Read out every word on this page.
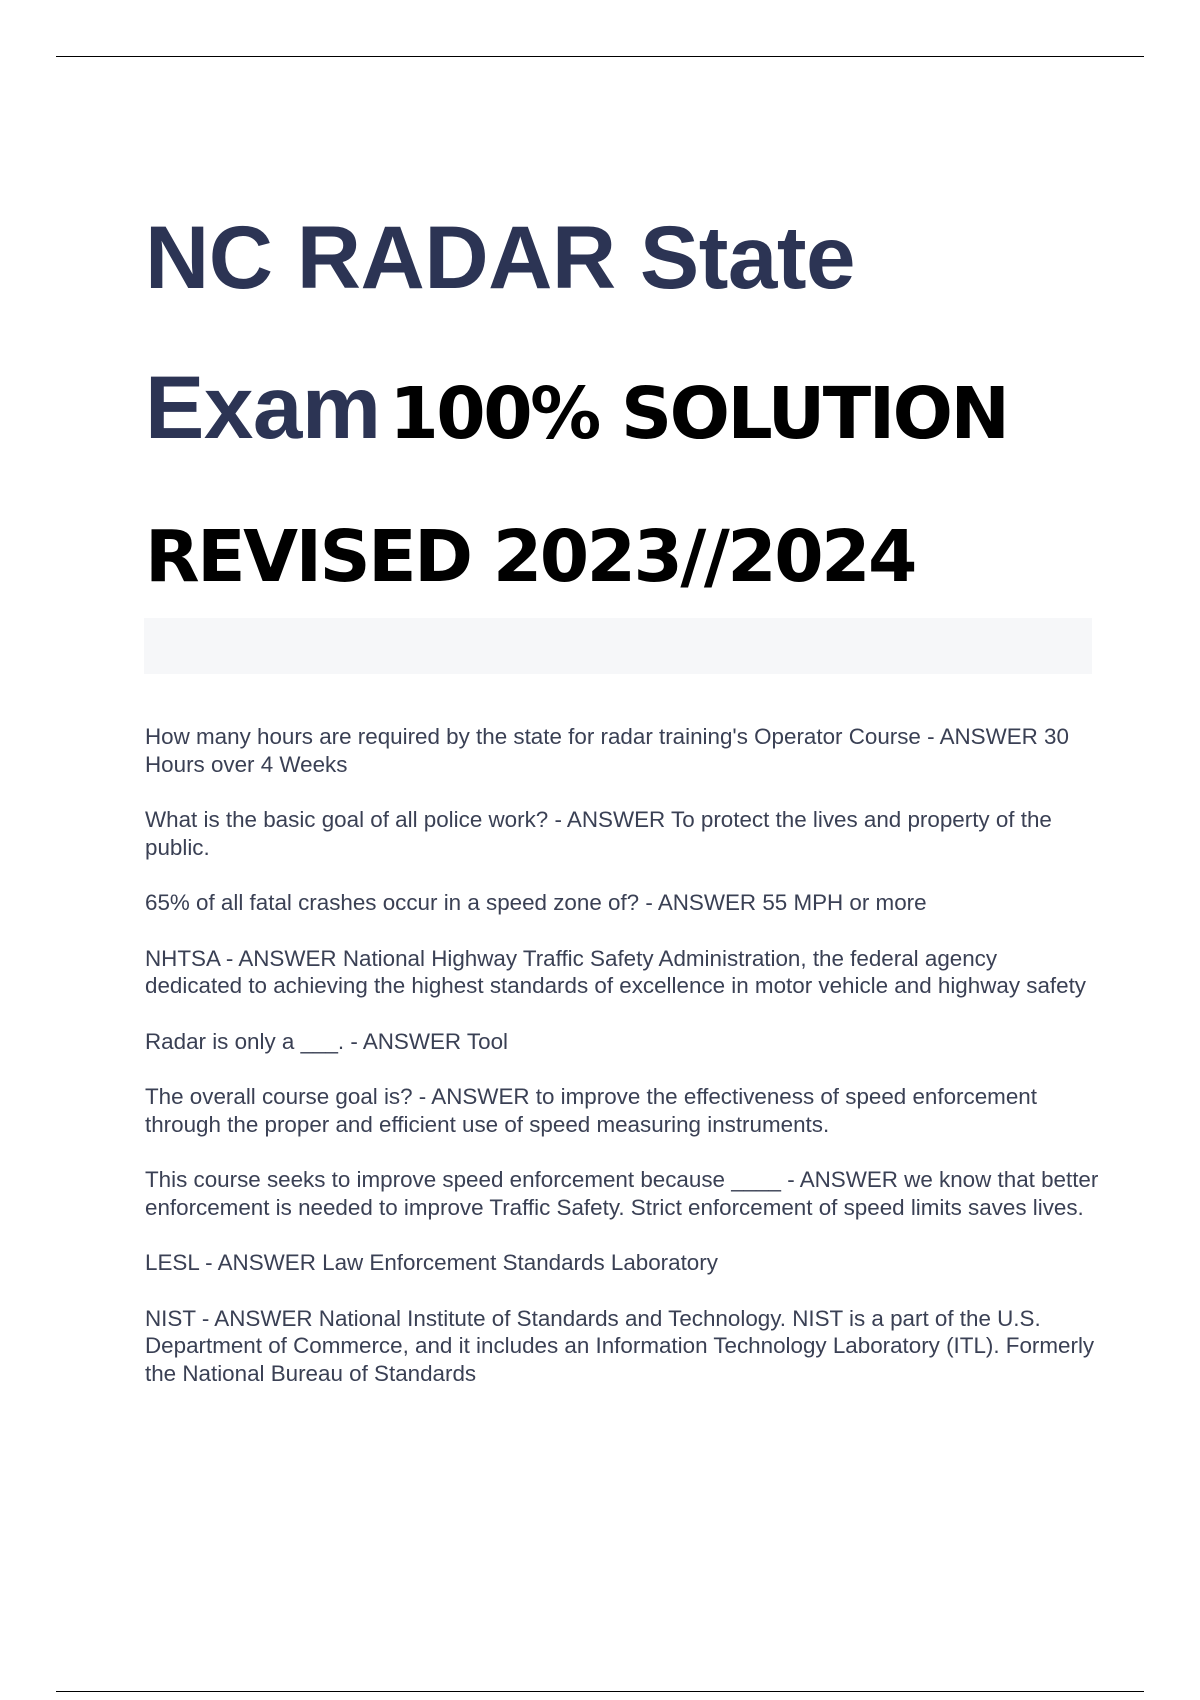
NC RADAR State
Exam 100% SOLUTION
REVISED 2023//2024
How many hours are required by the state for radar training's Operator Course - ANSWER 30 Hours over 4 Weeks
What is the basic goal of all police work? - ANSWER To protect the lives and property of the public.
65% of all fatal crashes occur in a speed zone of? - ANSWER 55 MPH or more
NHTSA - ANSWER National Highway Traffic Safety Administration, the federal agency dedicated to achieving the highest standards of excellence in motor vehicle and highway safety
Radar is only a ___. - ANSWER Tool
The overall course goal is? - ANSWER to improve the effectiveness of speed enforcement through the proper and efficient use of speed measuring instruments.
This course seeks to improve speed enforcement because ____ - ANSWER we know that better enforcement is needed to improve Traffic Safety. Strict enforcement of speed limits saves lives.
LESL - ANSWER Law Enforcement Standards Laboratory
NIST - ANSWER National Institute of Standards and Technology. NIST is a part of the U.S. Department of Commerce, and it includes an Information Technology Laboratory (ITL). Formerly the National Bureau of Standards
